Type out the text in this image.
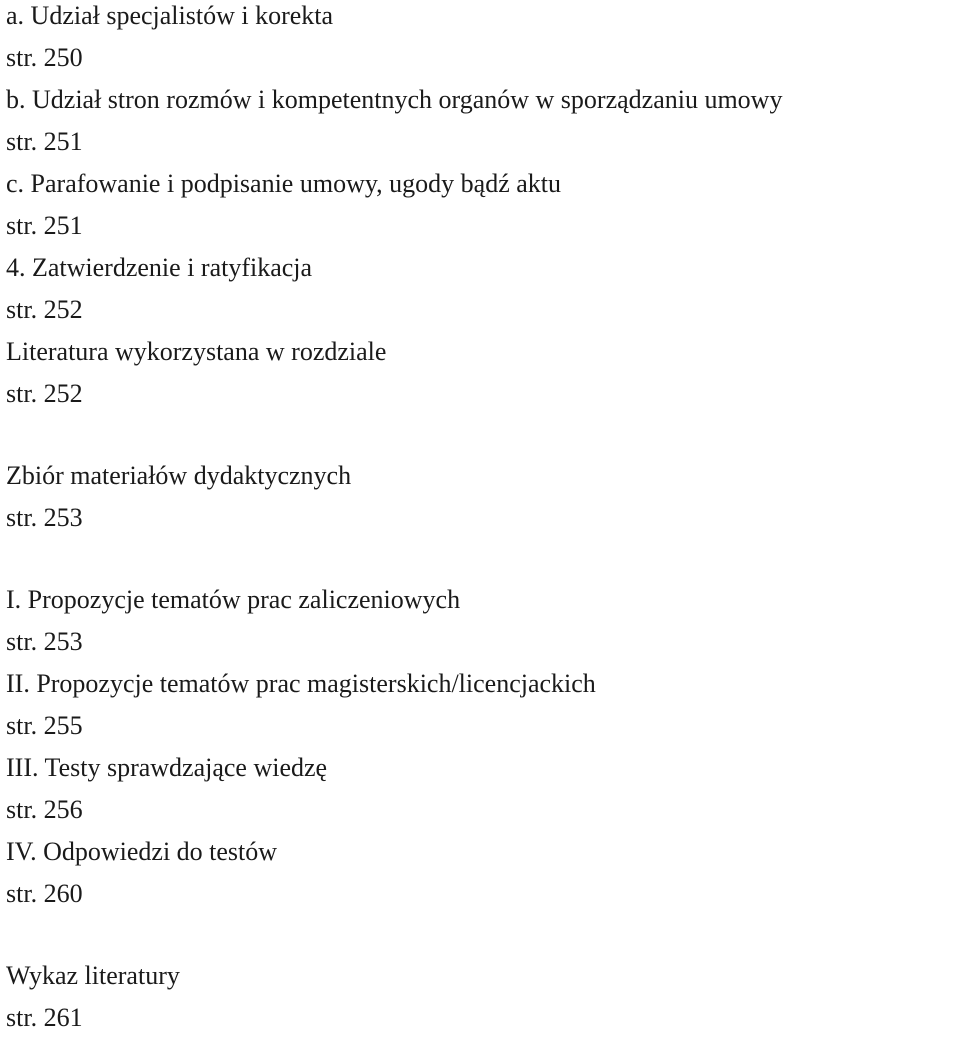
a. Udział specjalistów i korekta
str. 250
b. Udział stron rozmów i kompetentnych organów w sporządzaniu umowy
str. 251
c. Parafowanie i podpisanie umowy, ugody bądź aktu
str. 251
4. Zatwierdzenie i ratyfikacja
str. 252
Literatura wykorzystana w rozdziale
str. 252
Zbiór materiałów dydaktycznych
str. 253
I. Propozycje tematów prac zaliczeniowych
str. 253
II. Propozycje tematów prac magisterskich/licencjackich
str. 255
III. Testy sprawdzające wiedzę
str. 256
IV. Odpowiedzi do testów
str. 260
Wykaz literatury
str. 261
